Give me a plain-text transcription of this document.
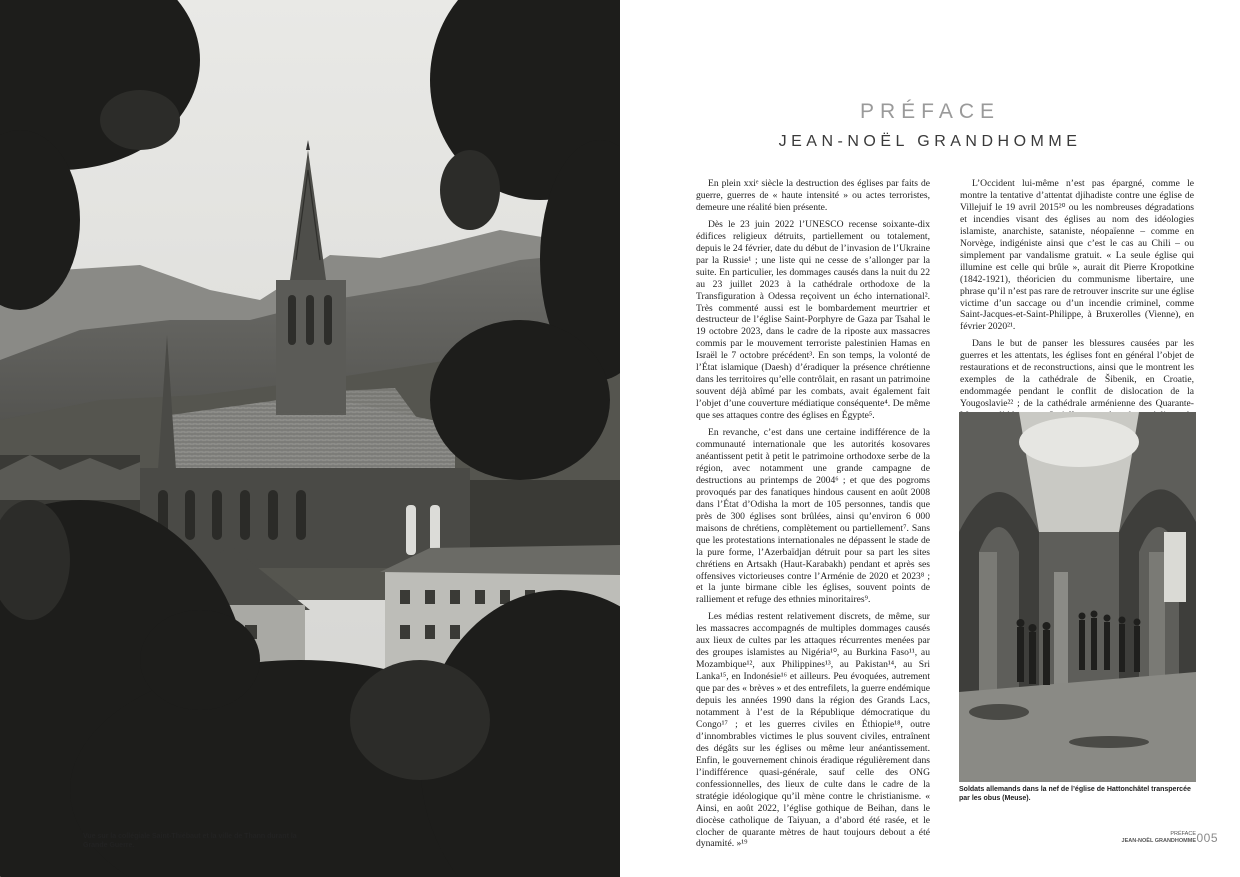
PRÉFACE
JEAN-NOËL GRANDHOMME

En plein xxiᵉ siècle la destruction des églises par faits de guerre, guerres de « haute intensité » ou actes terroristes, demeure une réalité bien présente.

Dès le 23 juin 2022 l’UNESCO recense soixante-dix édifices religieux détruits, partiellement ou totalement, depuis le 24 février, date du début de l’invasion de l’Ukraine par la Russie¹ ; une liste qui ne cesse de s’allonger par la suite. En particulier, les dommages causés dans la nuit du 22 au 23 juillet 2023 à la cathédrale orthodoxe de la Transfiguration à Odessa reçoivent un écho international². Très commenté aussi est le bombardement meurtrier et destructeur de l’église Saint-Porphyre de Gaza par Tsahal le 19 octobre 2023, dans le cadre de la riposte aux massacres commis par le mouvement terroriste palestinien Hamas en Israël le 7 octobre précédent³. En son temps, la volonté de l’État islamique (Daesh) d’éradiquer la présence chrétienne dans les territoires qu’elle contrôlait, en rasant un patrimoine souvent déjà abîmé par les combats, avait également fait l’objet d’une couverture médiatique conséquente⁴. De même que ses attaques contre des églises en Égypte⁵.

En revanche, c’est dans une certaine indifférence de la communauté internationale que les autorités kosovares anéantissent petit à petit le patrimoine orthodoxe serbe de la région, avec notamment une grande campagne de destructions au printemps de 2004⁶ ; et que des pogroms provoqués par des fanatiques hindous causent en août 2008 dans l’État d’Odisha la mort de 105 personnes, tandis que près de 300 églises sont brûlées, ainsi qu’environ 6 000 maisons de chrétiens, complètement ou partiellement⁷. Sans que les protestations internationales ne dépassent le stade de la pure forme, l’Azerbaïdjan détruit pour sa part les sites chrétiens en Artsakh (Haut-Karabakh) pendant et après ses offensives victorieuses contre l’Arménie de 2020 et 2023⁸ ; et la junte birmane cible les églises, souvent points de ralliement et refuge des ethnies minoritaires⁹.

Les médias restent relativement discrets, de même, sur les massacres accompagnés de multiples dommages causés aux lieux de cultes par les attaques récurrentes menées par des groupes islamistes au Nigéria¹⁰, au Burkina Faso¹¹, au Mozambique¹², aux Philippines¹³, au Pakistan¹⁴, au Sri Lanka¹⁵, en Indonésie¹⁶ et ailleurs. Peu évoquées, autrement que par des « brèves » et des entrefilets, la guerre endémique depuis les années 1990 dans la région des Grands Lacs, notamment à l’est de la République démocratique du Congo¹⁷ ; et les guerres civiles en Éthiopie¹⁸, outre d’innombrables victimes le plus souvent civiles, entraînent des dégâts sur les églises ou même leur anéantissement. Enfin, le gouvernement chinois éradique régulièrement dans l’indifférence quasi-générale, sauf celle des ONG confessionnelles, des lieux de culte dans le cadre de la stratégie idéologique qu’il mène contre le christianisme. « Ainsi, en août 2022, l’église gothique de Beihan, dans le diocèse catholique de Taiyuan, a d’abord été rasée, et le clocher de quarante mètres de haut toujours debout a été dynamité. »¹⁹

L’Occident lui-même n’est pas épargné, comme le montre la tentative d’attentat djihadiste contre une église de Villejuif le 19 avril 2015²⁰ ou les nombreuses dégradations et incendies visant des églises au nom des idéologies islamiste, anarchiste, sataniste, néopaïenne – comme en Norvège, indigéniste ainsi que c’est le cas au Chili – ou simplement par vandalisme gratuit. « La seule église qui illumine est celle qui brûle », aurait dit Pierre Kropotkine (1842-1921), théoricien du communisme libertaire, une phrase qu’il n’est pas rare de retrouver inscrite sur une église victime d’un saccage ou d’un incendie criminel, comme Saint-Jacques-et-Saint-Philippe, à Bruxerolles (Vienne), en février 2020²¹.

Dans le but de panser les blessures causées par les guerres et les attentats, les églises font en général l’objet de restaurations et de reconstructions, ainsi que le montrent les exemples de la cathédrale de Šibenik, en Croatie, endommagée pendant le conflit de dislocation de la Yougoslavie²² ; de la cathédrale arménienne des Quarante-

Soldats allemands dans la nef de l’église de Hattonchâtel transpercée par les obus (Meuse).
PRÉFACE
JEAN-NOËL GRANDHOMME 005
Vue sur la collégiale Saint-Thiébaut et la ville de Thann durant la Grande Guerre.
